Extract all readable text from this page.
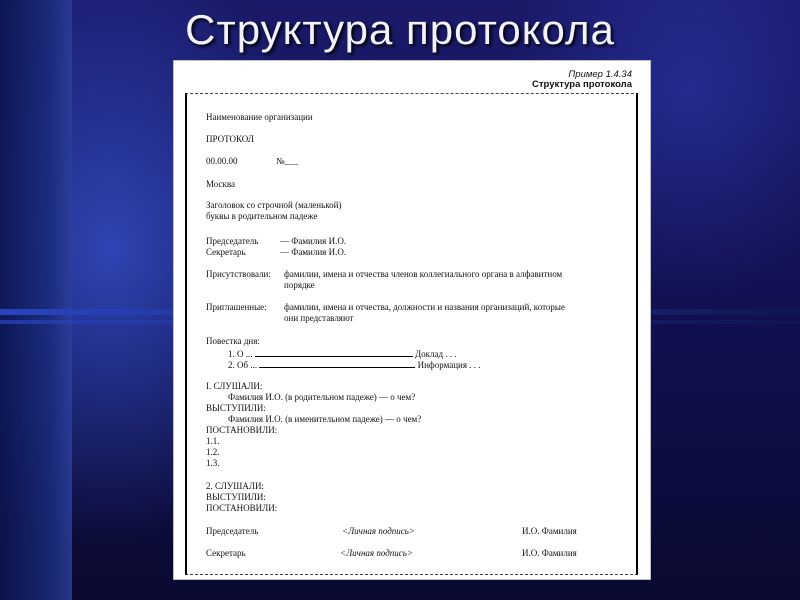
Структура протокола
Пример 1.4.34
Структура протокола
Наименование организации
ПРОТОКОЛ
00.00.00	№___
Москва
Заголовок со строчной (маленькой)
буквы в родительном падеже
Председатель — Фамилия И.О.
Секретарь	— Фамилия И.О.
Присутствовали: фамилии, имена и отчества членов коллегиального органа в алфавитном
порядке
Приглашенные: фамилии, имена и отчества, должности и названия организаций, которые
они представляют
Повестка дня:
1. О ...	Доклад . . .
2. Об ...	Информация . . .
I. СЛУШАЛИ:
Фамилия И.О. (в родительном падеже) — о чем?
ВЫСТУПИЛИ:
Фамилия И.О. (в именительном падеже) — о чем?
ПОСТАНОВИЛИ:
1.1.
1.2.
1.3.
2. СЛУШАЛИ:
ВЫСТУПИЛИ:
ПОСТАНОВИЛИ:
Председатель	<Личная подпись>	И.О. Фамилия
Секретарь	<Личная подпись>	И.О. Фамилия
